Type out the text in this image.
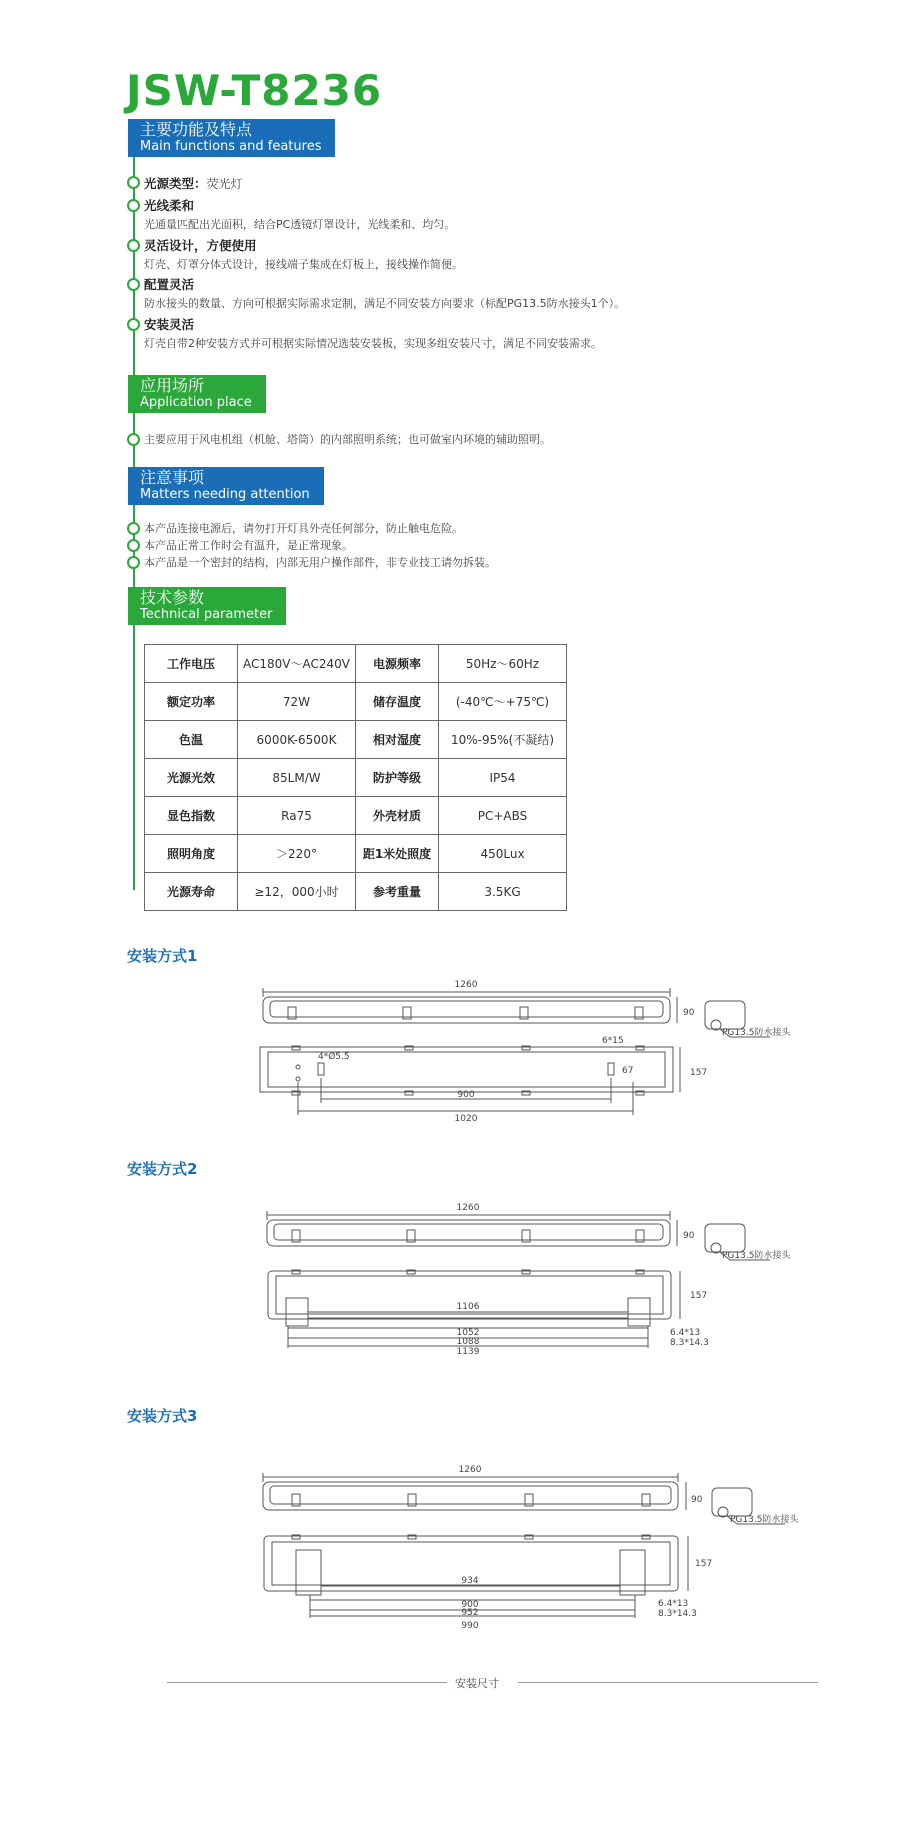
JSW-T8236
主要功能及特点
Main functions and features
光源类型：荧光灯
光线柔和
光通量匹配出光面积，结合PC透镜灯罩设计，光线柔和、均匀。
灵活设计，方便使用
灯壳、灯罩分体式设计，接线端子集成在灯板上，接线操作简便。
配置灵活
防水接头的数量、方向可根据实际需求定制，满足不同安装方向要求（标配PG13.5防水接头1个）。
安装灵活
灯壳自带2种安装方式并可根据实际情况选装安装板，实现多组安装尺寸，满足不同安装需求。
应用场所
Application place
主要应用于风电机组（机舱、塔筒）的内部照明系统；也可做室内环境的辅助照明。
注意事项
Matters needing attention
本产品连接电源后，请勿打开灯具外壳任何部分，防止触电危险。
本产品正常工作时会有温升，是正常现象。
本产品是一个密封的结构，内部无用户操作部件，非专业技工请勿拆装。
技术参数
Technical parameter
工作电压	AC180V～AC240V	电源频率	50Hz～60Hz
额定功率	72W	储存温度	(-40℃～+75℃)
色温	6000K-6500K	相对湿度	10%-95%(不凝结)
光源光效	85LM/W	防护等级	IP54
显色指数	Ra75	外壳材质	PC+ABS
照明角度	＞220°	距1米处照度	450Lux
光源寿命	≥12，000小时	参考重量	3.5KG
安装方式1
安装方式2
安装方式3
1260
90
157
4*Ø5.5
6*15
67
900
1020
PG13.5防水接头
1260
90
157
1106
1052
1088
1139
6.4*13
8.3*14.3
PG13.5防水接头
1260
90
157
934
900
952
990
6.4*13
8.3*14.3
PG13.5防水接头
安装尺寸
